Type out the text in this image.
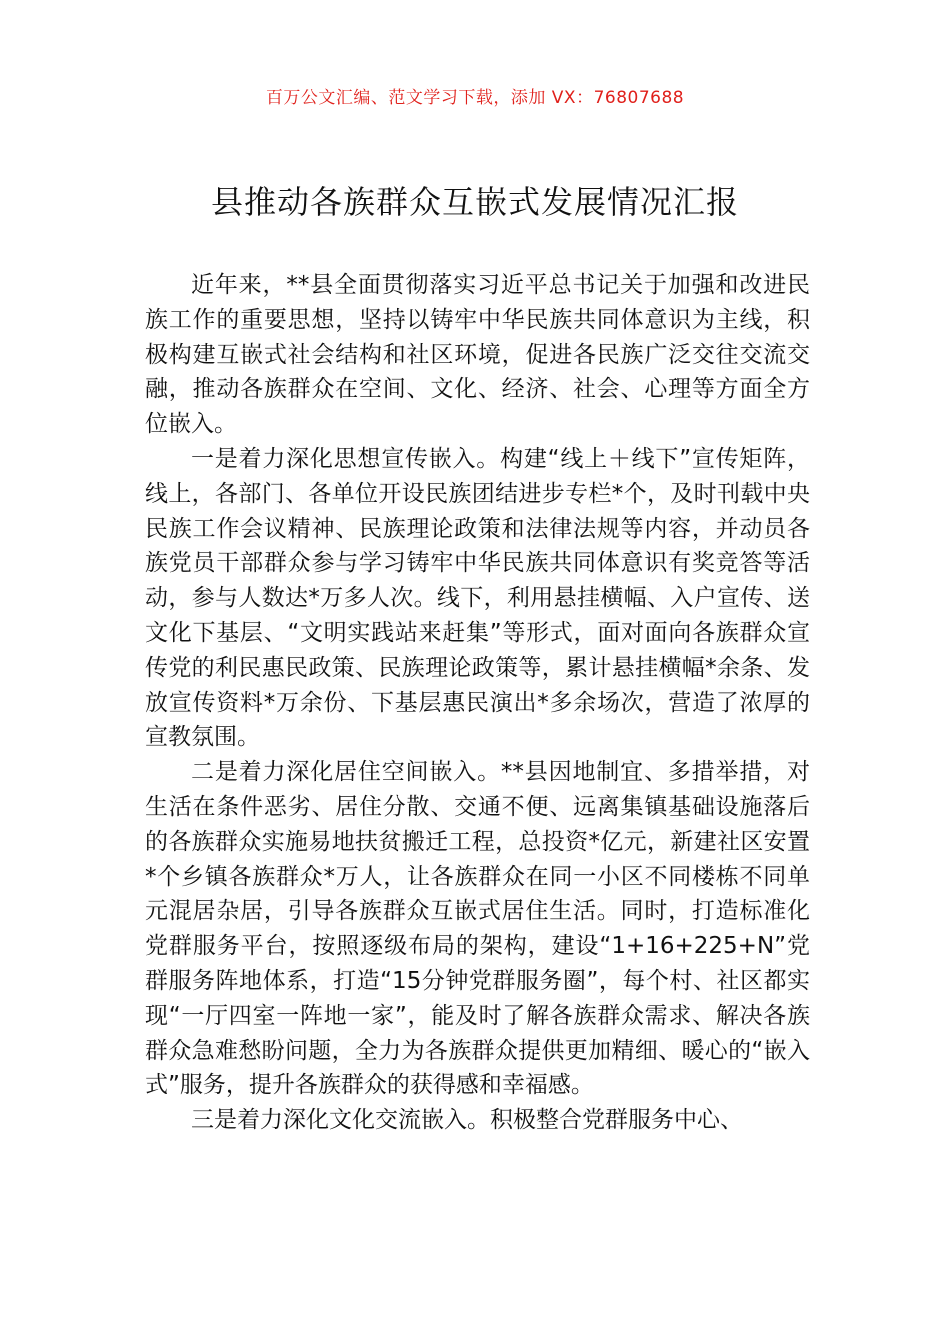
百万公文汇编、范文学习下载，添加 VX：76807688
县推动各族群众互嵌式发展情况汇报

近年来，**县全面贯彻落实习近平总书记关于加强和改进民族工作的重要思想，坚持以铸牢中华民族共同体意识为主线，积极构建互嵌式社会结构和社区环境，促进各民族广泛交往交流交融，推动各族群众在空间、文化、经济、社会、心理等方面全方位嵌入。

一是着力深化思想宣传嵌入。构建“线上＋线下”宣传矩阵，线上，各部门、各单位开设民族团结进步专栏*个，及时刊载中央民族工作会议精神、民族理论政策和法律法规等内容，并动员各族党员干部群众参与学习铸牢中华民族共同体意识有奖竞答等活动，参与人数达*万多人次。线下，利用悬挂横幅、入户宣传、送文化下基层、“文明实践站来赶集”等形式，面对面向各族群众宣传党的利民惠民政策、民族理论政策等，累计悬挂横幅*余条、发放宣传资料*万余份、下基层惠民演出*多余场次，营造了浓厚的宣教氛围。

二是着力深化居住空间嵌入。**县因地制宜、多措举措，对生活在条件恶劣、居住分散、交通不便、远离集镇基础设施落后的各族群众实施易地扶贫搬迁工程，总投资*亿元，新建社区安置*个乡镇各族群众*万人，让各族群众在同一小区不同楼栋不同单元混居杂居，引导各族群众互嵌式居住生活。同时，打造标准化党群服务平台，按照逐级布局的架构，建设“1+16+225+N”党群服务阵地体系，打造“15分钟党群服务圈”，每个村、社区都实现“一厅四室一阵地一家”，能及时了解各族群众需求、解决各族群众急难愁盼问题，全力为各族群众提供更加精细、暖心的“嵌入式”服务，提升各族群众的获得感和幸福感。

三是着力深化文化交流嵌入。积极整合党群服务中心、
